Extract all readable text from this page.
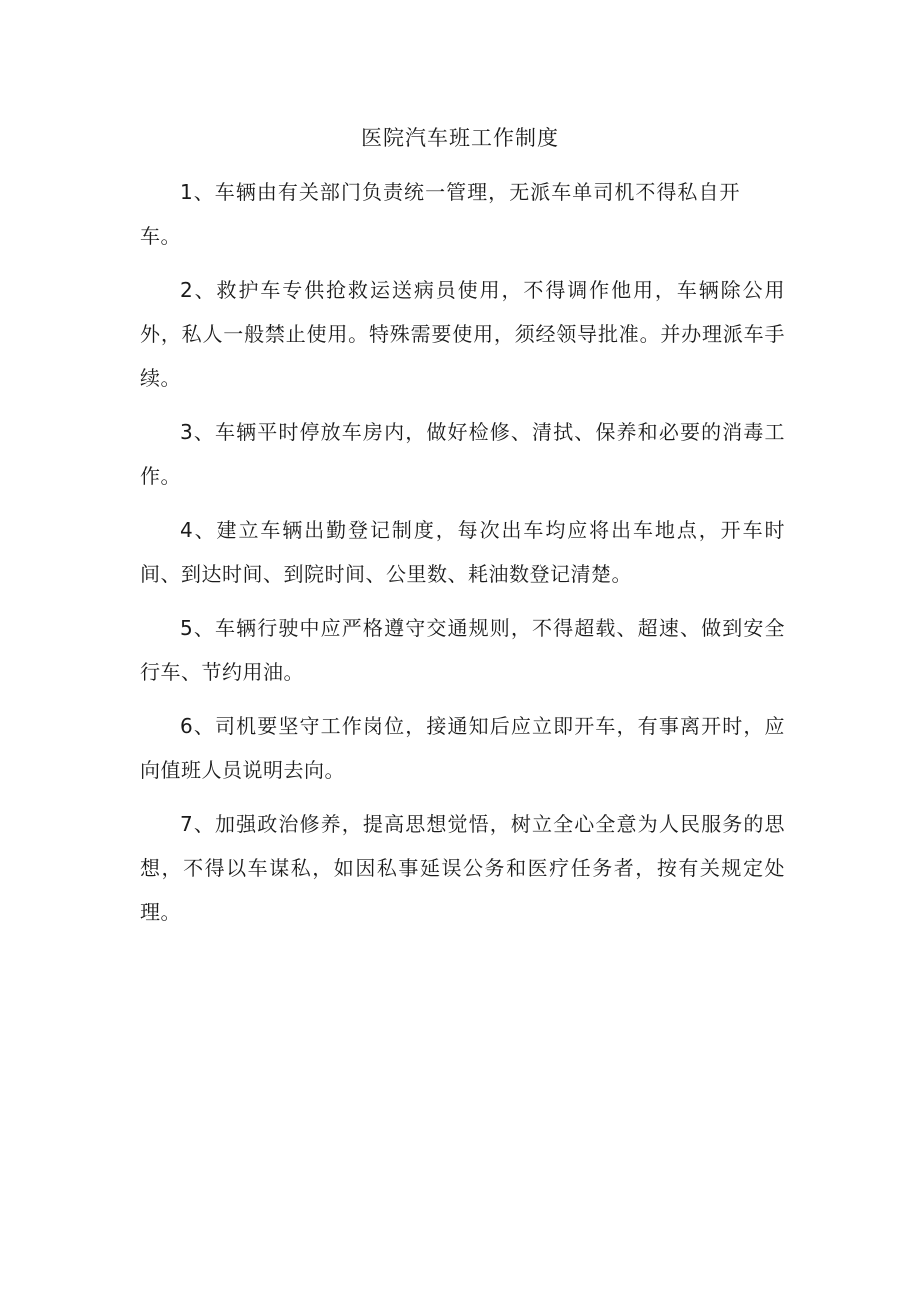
医院汽车班工作制度

1、车辆由有关部门负责统一管理，无派车单司机不得私自开车。

2、救护车专供抢救运送病员使用，不得调作他用，车辆除公用外，私人一般禁止使用。特殊需要使用，须经领导批准。并办理派车手续。

3、车辆平时停放车房内，做好检修、清拭、保养和必要的消毒工作。

4、建立车辆出勤登记制度，每次出车均应将出车地点，开车时间、到达时间、到院时间、公里数、耗油数登记清楚。

5、车辆行驶中应严格遵守交通规则，不得超载、超速、做到安全行车、节约用油。

6、司机要坚守工作岗位，接通知后应立即开车，有事离开时，应向值班人员说明去向。

7、加强政治修养，提高思想觉悟，树立全心全意为人民服务的思想，不得以车谋私，如因私事延误公务和医疗任务者，按有关规定处理。
